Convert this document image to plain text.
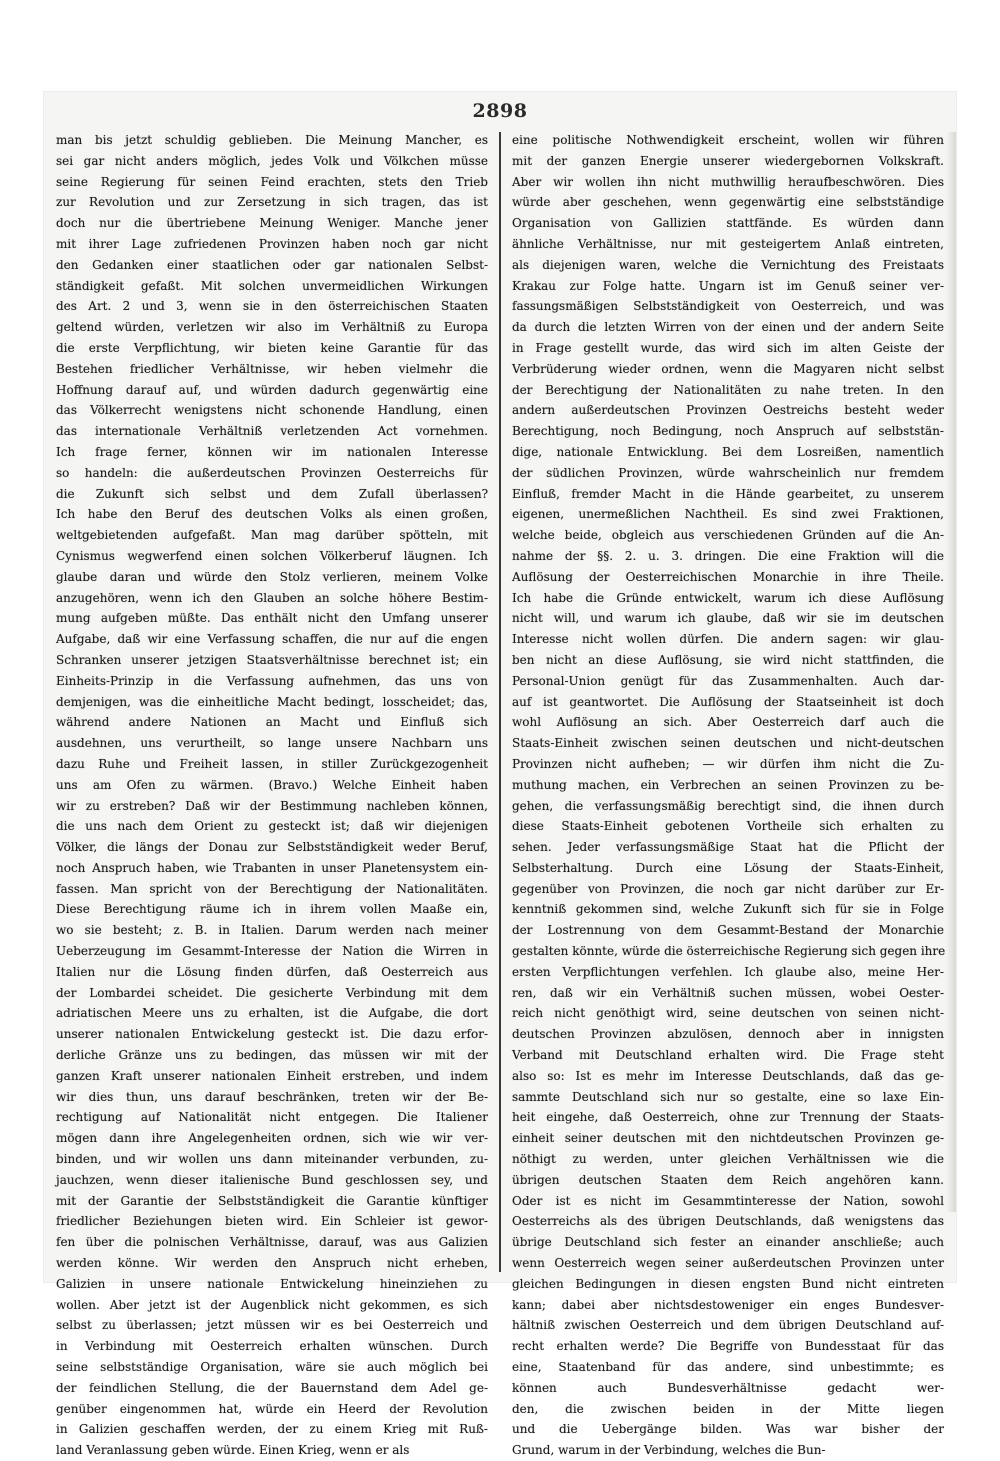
2898
man bis jetzt schuldig geblieben. Die Meinung Mancher, es
sei gar nicht anders möglich, jedes Volk und Völkchen müsse
seine Regierung für seinen Feind erachten, stets den Trieb
zur Revolution und zur Zersetzung in sich tragen, das ist
doch nur die übertriebene Meinung Weniger. Manche jener
mit ihrer Lage zufriedenen Provinzen haben noch gar nicht
den Gedanken einer staatlichen oder gar nationalen Selbst-
ständigkeit gefaßt. Mit solchen unvermeidlichen Wirkungen
des Art. 2 und 3, wenn sie in den österreichischen Staaten
geltend würden, verletzen wir also im Verhältniß zu Europa
die erste Verpflichtung, wir bieten keine Garantie für das
Bestehen friedlicher Verhältnisse, wir heben vielmehr die
Hoffnung darauf auf, und würden dadurch gegenwärtig eine
das Völkerrecht wenigstens nicht schonende Handlung, einen
das internationale Verhältniß verletzenden Act vornehmen.
Ich frage ferner, können wir im nationalen Interesse
so handeln: die außerdeutschen Provinzen Oesterreichs für
die Zukunft sich selbst und dem Zufall überlassen?
Ich habe den Beruf des deutschen Volks als einen großen,
weltgebietenden aufgefaßt. Man mag darüber spötteln, mit
Cynismus wegwerfend einen solchen Völkerberuf läugnen. Ich
glaube daran und würde den Stolz verlieren, meinem Volke
anzugehören, wenn ich den Glauben an solche höhere Bestim-
mung aufgeben müßte. Das enthält nicht den Umfang unserer
Aufgabe, daß wir eine Verfassung schaffen, die nur auf die engen
Schranken unserer jetzigen Staatsverhältnisse berechnet ist; ein
Einheits-Prinzip in die Verfassung aufnehmen, das uns von
demjenigen, was die einheitliche Macht bedingt, losscheidet; das,
während andere Nationen an Macht und Einfluß sich
ausdehnen, uns verurtheilt, so lange unsere Nachbarn uns
dazu Ruhe und Freiheit lassen, in stiller Zurückgezogenheit
uns am Ofen zu wärmen. (Bravo.) Welche Einheit haben
wir zu erstreben? Daß wir der Bestimmung nachleben können,
die uns nach dem Orient zu gesteckt ist; daß wir diejenigen
Völker, die längs der Donau zur Selbstständigkeit weder Beruf,
noch Anspruch haben, wie Trabanten in unser Planetensystem ein-
fassen. Man spricht von der Berechtigung der Nationalitäten.
Diese Berechtigung räume ich in ihrem vollen Maaße ein,
wo sie besteht; z. B. in Italien. Darum werden nach meiner
Ueberzeugung im Gesammt-Interesse der Nation die Wirren in
Italien nur die Lösung finden dürfen, daß Oesterreich aus
der Lombardei scheidet. Die gesicherte Verbindung mit dem
adriatischen Meere uns zu erhalten, ist die Aufgabe, die dort
unserer nationalen Entwickelung gesteckt ist. Die dazu erfor-
derliche Gränze uns zu bedingen, das müssen wir mit der
ganzen Kraft unserer nationalen Einheit erstreben, und indem
wir dies thun, uns darauf beschränken, treten wir der Be-
rechtigung auf Nationalität nicht entgegen. Die Italiener
mögen dann ihre Angelegenheiten ordnen, sich wie wir ver-
binden, und wir wollen uns dann miteinander verbunden, zu-
jauchzen, wenn dieser italienische Bund geschlossen sey, und
mit der Garantie der Selbstständigkeit die Garantie künftiger
friedlicher Beziehungen bieten wird. Ein Schleier ist gewor-
fen über die polnischen Verhältnisse, darauf, was aus Galizien
werden könne. Wir werden den Anspruch nicht erheben,
Galizien in unsere nationale Entwickelung hineinziehen zu
wollen. Aber jetzt ist der Augenblick nicht gekommen, es sich
selbst zu überlassen; jetzt müssen wir es bei Oesterreich und
in Verbindung mit Oesterreich erhalten wünschen. Durch
seine selbstständige Organisation, wäre sie auch möglich bei
der feindlichen Stellung, die der Bauernstand dem Adel ge-
genüber eingenommen hat, würde ein Heerd der Revolution
in Galizien geschaffen werden, der zu einem Krieg mit Ruß-
land Veranlassung geben würde. Einen Krieg, wenn er als
eine politische Nothwendigkeit erscheint, wollen wir führen
mit der ganzen Energie unserer wiedergebornen Volkskraft.
Aber wir wollen ihn nicht muthwillig heraufbeschwören. Dies
würde aber geschehen, wenn gegenwärtig eine selbstständige
Organisation von Gallizien stattfände. Es würden dann
ähnliche Verhältnisse, nur mit gesteigertem Anlaß eintreten,
als diejenigen waren, welche die Vernichtung des Freistaats
Krakau zur Folge hatte. Ungarn ist im Genuß seiner ver-
fassungsmäßigen Selbstständigkeit von Oesterreich, und was
da durch die letzten Wirren von der einen und der andern Seite
in Frage gestellt wurde, das wird sich im alten Geiste der
Verbrüderung wieder ordnen, wenn die Magyaren nicht selbst
der Berechtigung der Nationalitäten zu nahe treten. In den
andern außerdeutschen Provinzen Oestreichs besteht weder
Berechtigung, noch Bedingung, noch Anspruch auf selbststän-
dige, nationale Entwicklung. Bei dem Losreißen, namentlich
der südlichen Provinzen, würde wahrscheinlich nur fremdem
Einfluß, fremder Macht in die Hände gearbeitet, zu unserem
eigenen, unermeßlichen Nachtheil. Es sind zwei Fraktionen,
welche beide, obgleich aus verschiedenen Gründen auf die An-
nahme der §§. 2. u. 3. dringen. Die eine Fraktion will die
Auflösung der Oesterreichischen Monarchie in ihre Theile.
Ich habe die Gründe entwickelt, warum ich diese Auflösung
nicht will, und warum ich glaube, daß wir sie im deutschen
Interesse nicht wollen dürfen. Die andern sagen: wir glau-
ben nicht an diese Auflösung, sie wird nicht stattfinden, die
Personal-Union genügt für das Zusammenhalten. Auch dar-
auf ist geantwortet. Die Auflösung der Staatseinheit ist doch
wohl Auflösung an sich. Aber Oesterreich darf auch die
Staats-Einheit zwischen seinen deutschen und nicht-deutschen
Provinzen nicht aufheben; — wir dürfen ihm nicht die Zu-
muthung machen, ein Verbrechen an seinen Provinzen zu be-
gehen, die verfassungsmäßig berechtigt sind, die ihnen durch
diese Staats-Einheit gebotenen Vortheile sich erhalten zu
sehen. Jeder verfassungsmäßige Staat hat die Pflicht der
Selbsterhaltung. Durch eine Lösung der Staats-Einheit,
gegenüber von Provinzen, die noch gar nicht darüber zur Er-
kenntniß gekommen sind, welche Zukunft sich für sie in Folge
der Lostrennung von dem Gesammt-Bestand der Monarchie
gestalten könnte, würde die österreichische Regierung sich gegen ihre
ersten Verpflichtungen verfehlen. Ich glaube also, meine Her-
ren, daß wir ein Verhältniß suchen müssen, wobei Oester-
reich nicht genöthigt wird, seine deutschen von seinen nicht-
deutschen Provinzen abzulösen, dennoch aber in innigsten
Verband mit Deutschland erhalten wird. Die Frage steht
also so: Ist es mehr im Interesse Deutschlands, daß das ge-
sammte Deutschland sich nur so gestalte, eine so laxe Ein-
heit eingehe, daß Oesterreich, ohne zur Trennung der Staats-
einheit seiner deutschen mit den nichtdeutschen Provinzen ge-
nöthigt zu werden, unter gleichen Verhältnissen wie die
übrigen deutschen Staaten dem Reich angehören kann.
Oder ist es nicht im Gesammtinteresse der Nation, sowohl
Oesterreichs als des übrigen Deutschlands, daß wenigstens das
übrige Deutschland sich fester an einander anschließe; auch
wenn Oesterreich wegen seiner außerdeutschen Provinzen unter
gleichen Bedingungen in diesen engsten Bund nicht eintreten
kann; dabei aber nichtsdestoweniger ein enges Bundesver-
hältniß zwischen Oesterreich und dem übrigen Deutschland auf-
recht erhalten werde? Die Begriffe von Bundesstaat für das
eine, Staatenband für das andere, sind unbestimmte; es
können auch Bundesverhältnisse gedacht wer-
den, die zwischen beiden in der Mitte liegen
und die Uebergänge bilden. Was war bisher der
Grund, warum in der Verbindung, welches die Bun-
